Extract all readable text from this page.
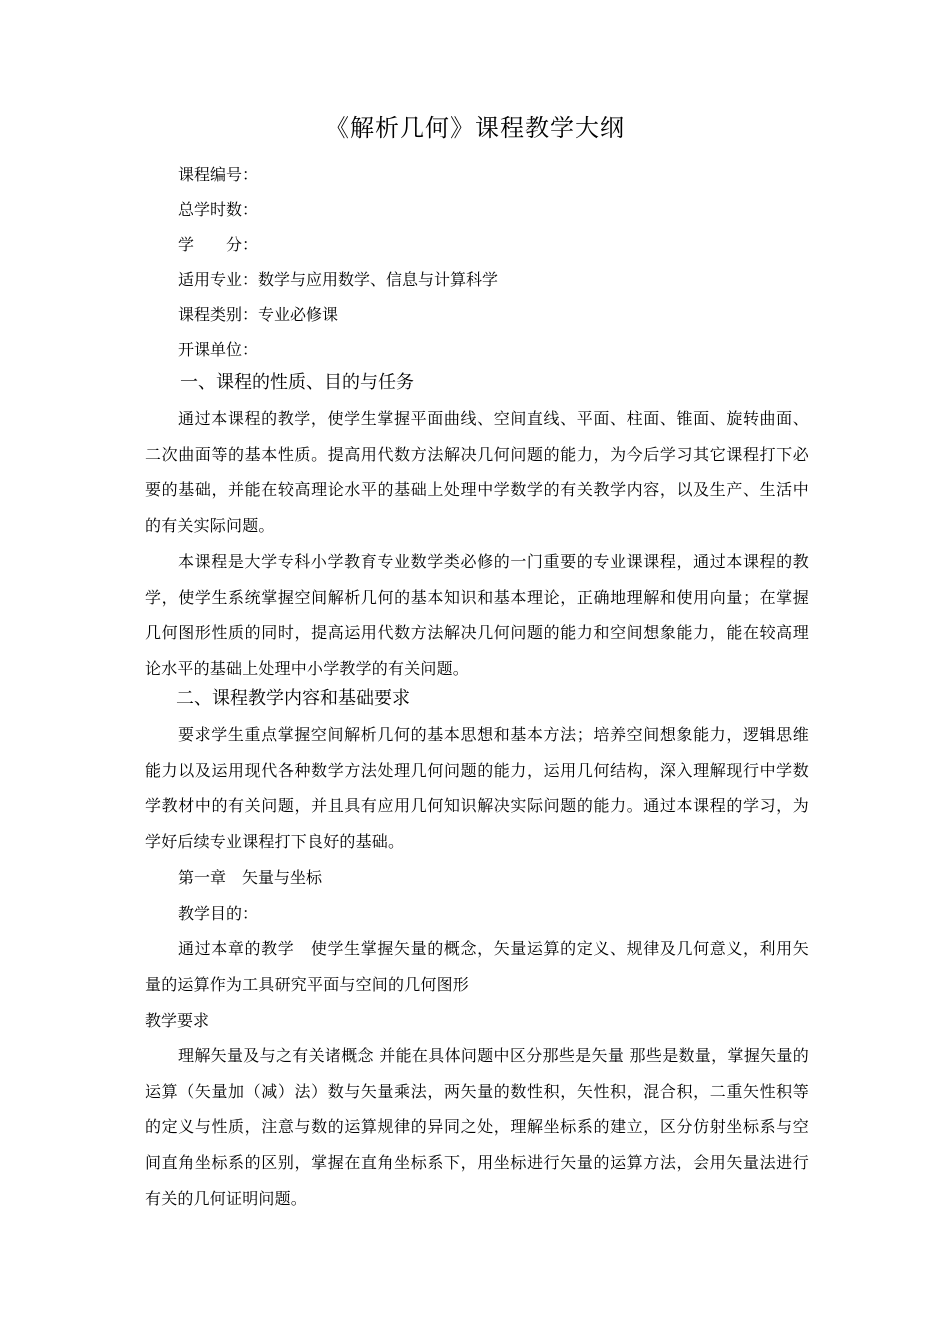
《解析几何》课程教学大纲
课程编号：
总学时数：
学　　分：
适用专业：数学与应用数学、信息与计算科学
课程类别：专业必修课
开课单位：
一、课程的性质、目的与任务
通过本课程的教学，使学生掌握平面曲线、空间直线、平面、柱面、锥面、旋转曲面、二次曲面等的基本性质。提高用代数方法解决几何问题的能力，为今后学习其它课程打下必要的基础，并能在较高理论水平的基础上处理中学数学的有关教学内容，以及生产、生活中的有关实际问题。
本课程是大学专科小学教育专业数学类必修的一门重要的专业课课程，通过本课程的教学，使学生系统掌握空间解析几何的基本知识和基本理论，正确地理解和使用向量；在掌握几何图形性质的同时，提高运用代数方法解决几何问题的能力和空间想象能力，能在较高理论水平的基础上处理中小学教学的有关问题。
二、课程教学内容和基础要求
要求学生重点掌握空间解析几何的基本思想和基本方法；培养空间想象能力，逻辑思维能力以及运用现代各种数学方法处理几何问题的能力，运用几何结构，深入理解现行中学数学教材中的有关问题，并且具有应用几何知识解决实际问题的能力。通过本课程的学习，为学好后续专业课程打下良好的基础。
第一章　矢量与坐标
教学目的：
通过本章的教学　使学生掌握矢量的概念，矢量运算的定义、规律及几何意义，利用矢量的运算作为工具研究平面与空间的几何图形
教学要求
理解矢量及与之有关诸概念 并能在具体问题中区分那些是矢量 那些是数量，掌握矢量的运算（矢量加（减）法）数与矢量乘法，两矢量的数性积，矢性积，混合积，二重矢性积等的定义与性质，注意与数的运算规律的异同之处，理解坐标系的建立，区分仿射坐标系与空间直角坐标系的区别，掌握在直角坐标系下，用坐标进行矢量的运算方法，会用矢量法进行有关的几何证明问题。
